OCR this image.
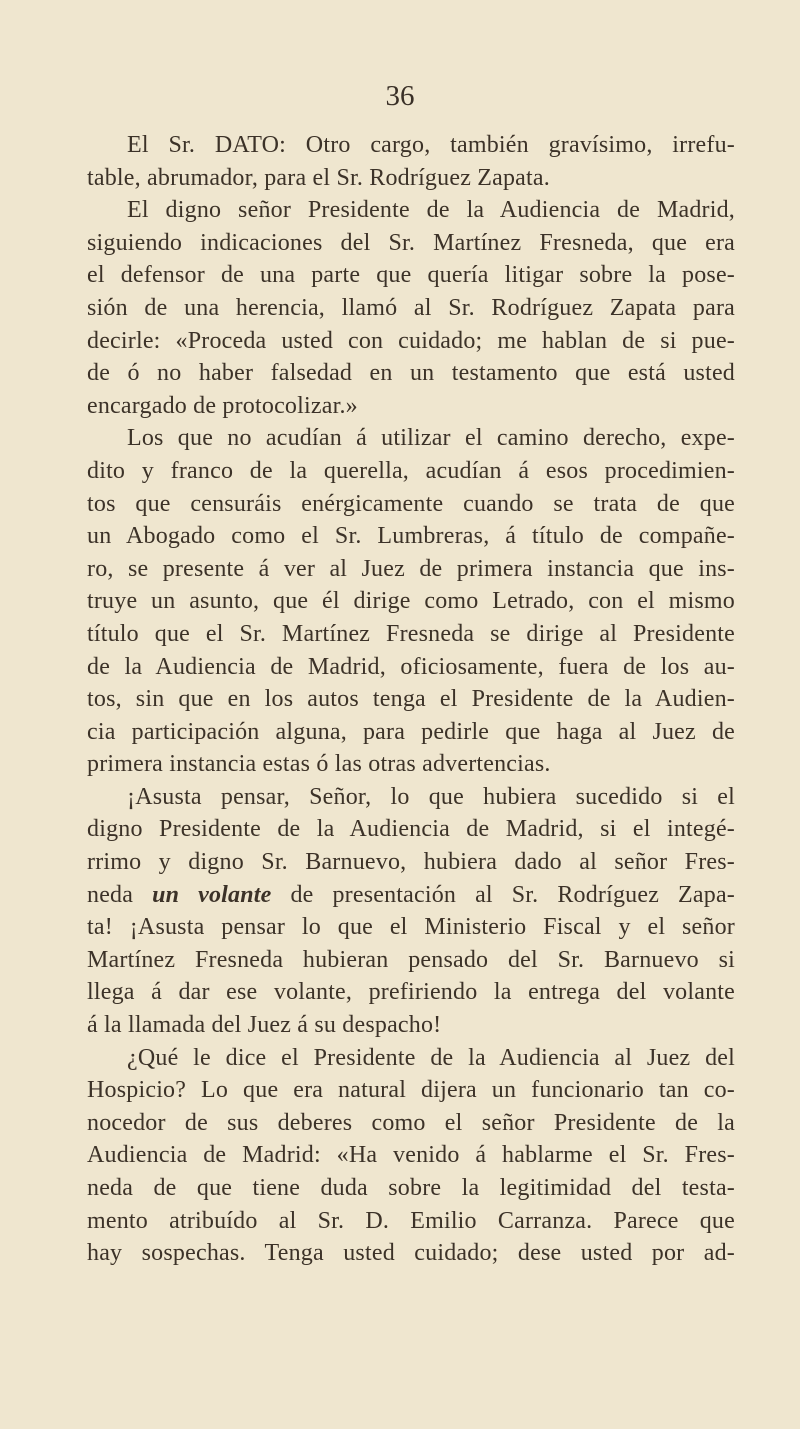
36
El Sr. DATO: Otro cargo, también gravísimo, irrefu-
table, abrumador, para el Sr. Rodríguez Zapata.
El digno señor Presidente de la Audiencia de Madrid,
siguiendo indicaciones del Sr. Martínez Fresneda, que era
el defensor de una parte que quería litigar sobre la pose-
sión de una herencia, llamó al Sr. Rodríguez Zapata para
decirle: «Proceda usted con cuidado; me hablan de si pue-
de ó no haber falsedad en un testamento que está usted
encargado de protocolizar.»
Los que no acudían á utilizar el camino derecho, expe-
dito y franco de la querella, acudían á esos procedimien-
tos que censuráis enérgicamente cuando se trata de que
un Abogado como el Sr. Lumbreras, á título de compañe-
ro, se presente á ver al Juez de primera instancia que ins-
truye un asunto, que él dirige como Letrado, con el mismo
título que el Sr. Martínez Fresneda se dirige al Presidente
de la Audiencia de Madrid, oficiosamente, fuera de los au-
tos, sin que en los autos tenga el Presidente de la Audien-
cia participación alguna, para pedirle que haga al Juez de
primera instancia estas ó las otras advertencias.
¡Asusta pensar, Señor, lo que hubiera sucedido si el
digno Presidente de la Audiencia de Madrid, si el integé-
rrimo y digno Sr. Barnuevo, hubiera dado al señor Fres-
neda un volante de presentación al Sr. Rodríguez Zapa-
ta! ¡Asusta pensar lo que el Ministerio Fiscal y el señor
Martínez Fresneda hubieran pensado del Sr. Barnuevo si
llega á dar ese volante, prefiriendo la entrega del volante
á la llamada del Juez á su despacho!
¿Qué le dice el Presidente de la Audiencia al Juez del
Hospicio? Lo que era natural dijera un funcionario tan co-
nocedor de sus deberes como el señor Presidente de la
Audiencia de Madrid: «Ha venido á hablarme el Sr. Fres-
neda de que tiene duda sobre la legitimidad del testa-
mento atribuído al Sr. D. Emilio Carranza. Parece que
hay sospechas. Tenga usted cuidado; dese usted por ad-
